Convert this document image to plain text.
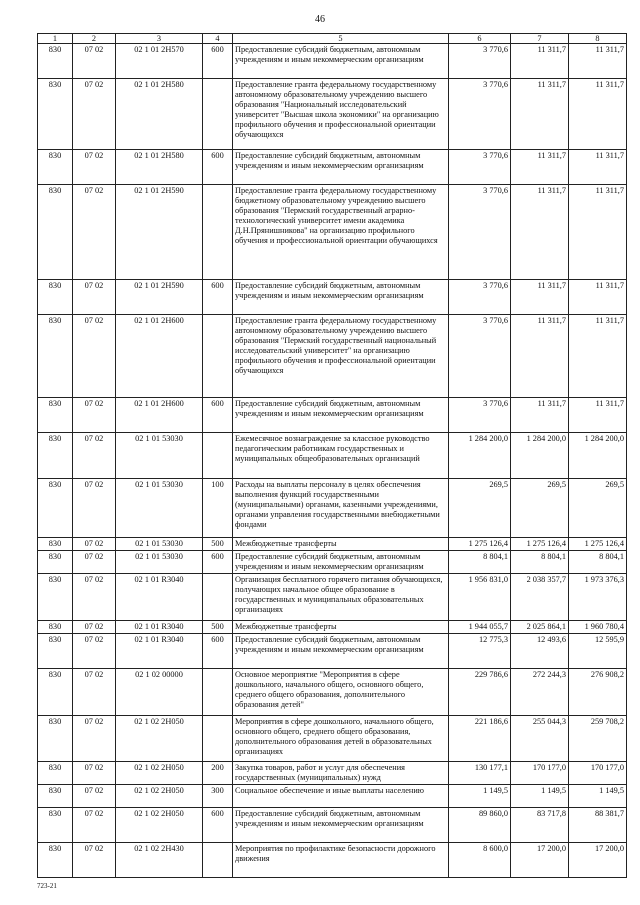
46
1	2	3	4	5	6	7	8
830	07 02	02 1 01 2Н570	600	Предоставление субсидий бюджетным, автономным учреждениям и иным некоммерческим организациям	3 770,6	11 311,7	11 311,7
830	07 02	02 1 01 2Н580		Предоставление гранта федеральному государственному автономному образовательному учреждению высшего образования "Национальный исследовательский университет "Высшая школа экономики" на организацию профильного обучения и профессиональной ориентации обучающихся	3 770,6	11 311,7	11 311,7
830	07 02	02 1 01 2Н580	600	Предоставление субсидий бюджетным, автономным учреждениям и иным некоммерческим организациям	3 770,6	11 311,7	11 311,7
830	07 02	02 1 01 2Н590		Предоставление гранта федеральному государственному бюджетному образовательному учреждению высшего образования "Пермский государственный аграрно-технологический университет имени академика Д.Н.Прянишникова" на организацию профильного обучения и профессиональной ориентации обучающихся	3 770,6	11 311,7	11 311,7
830	07 02	02 1 01 2Н590	600	Предоставление субсидий бюджетным, автономным учреждениям и иным некоммерческим организациям	3 770,6	11 311,7	11 311,7
830	07 02	02 1 01 2Н600		Предоставление гранта федеральному государственному автономному образовательному учреждению высшего образования "Пермский государственный национальный исследовательский университет" на организацию профильного обучения и профессиональной ориентации обучающихся	3 770,6	11 311,7	11 311,7
830	07 02	02 1 01 2Н600	600	Предоставление субсидий бюджетным, автономным учреждениям и иным некоммерческим организациям	3 770,6	11 311,7	11 311,7
830	07 02	02 1 01 53030		Ежемесячное вознаграждение за классное руководство педагогическим работникам государственных и муниципальных общеобразовательных организаций	1 284 200,0	1 284 200,0	1 284 200,0
830	07 02	02 1 01 53030	100	Расходы на выплаты персоналу в целях обеспечения выполнения функций государственными (муниципальными) органами, казенными учреждениями, органами управления государственными внебюджетными фондами	269,5	269,5	269,5
830	07 02	02 1 01 53030	500	Межбюджетные трансферты	1 275 126,4	1 275 126,4	1 275 126,4
830	07 02	02 1 01 53030	600	Предоставление субсидий бюджетным, автономным учреждениям и иным некоммерческим организациям	8 804,1	8 804,1	8 804,1
830	07 02	02 1 01 R3040		Организация бесплатного горячего питания обучающихся, получающих начальное общее образование в государственных и муниципальных образовательных организациях	1 956 831,0	2 038 357,7	1 973 376,3
830	07 02	02 1 01 R3040	500	Межбюджетные трансферты	1 944 055,7	2 025 864,1	1 960 780,4
830	07 02	02 1 01 R3040	600	Предоставление субсидий бюджетным, автономным учреждениям и иным некоммерческим организациям	12 775,3	12 493,6	12 595,9
830	07 02	02 1 02 00000		Основное мероприятие "Мероприятия в сфере дошкольного, начального общего, основного общего, среднего общего образования, дополнительного образования детей"	229 786,6	272 244,3	276 908,2
830	07 02	02 1 02 2Н050		Мероприятия в сфере дошкольного, начального общего, основного общего, среднего общего образования, дополнительного образования детей в образовательных организациях	221 186,6	255 044,3	259 708,2
830	07 02	02 1 02 2Н050	200	Закупка товаров, работ и услуг для обеспечения государственных (муниципальных) нужд	130 177,1	170 177,0	170 177,0
830	07 02	02 1 02 2Н050	300	Социальное обеспечение и иные выплаты населению	1 149,5	1 149,5	1 149,5
830	07 02	02 1 02 2Н050	600	Предоставление субсидий бюджетным, автономным учреждениям и иным некоммерческим организациям	89 860,0	83 717,8	88 381,7
830	07 02	02 1 02 2Н430		Мероприятия по профилактике безопасности дорожного движения	8 600,0	17 200,0	17 200,0
723-21
